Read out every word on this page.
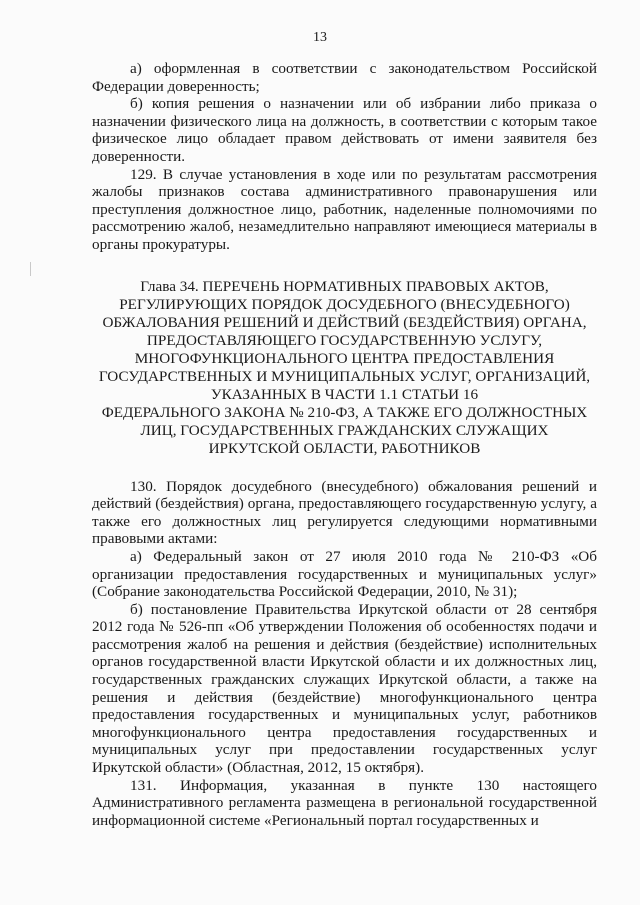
13

а) оформленная в соответствии с законодательством Российской Федерации доверенность;

б) копия решения о назначении или об избрании либо приказа о назначении физического лица на должность, в соответствии с которым такое физическое лицо обладает правом действовать от имени заявителя без доверенности.

129. В случае установления в ходе или по результатам рассмотрения жалобы признаков состава административного правонарушения или преступления должностное лицо, работник, наделенные полномочиями по рассмотрению жалоб, незамедлительно направляют имеющиеся материалы в органы прокуратуры.

Глава 34. ПЕРЕЧЕНЬ НОРМАТИВНЫХ ПРАВОВЫХ АКТОВ,
РЕГУЛИРУЮЩИХ ПОРЯДОК ДОСУДЕБНОГО (ВНЕСУДЕБНОГО)
ОБЖАЛОВАНИЯ РЕШЕНИЙ И ДЕЙСТВИЙ (БЕЗДЕЙСТВИЯ) ОРГАНА,
ПРЕДОСТАВЛЯЮЩЕГО ГОСУДАРСТВЕННУЮ УСЛУГУ,
МНОГОФУНКЦИОНАЛЬНОГО ЦЕНТРА ПРЕДОСТАВЛЕНИЯ
ГОСУДАРСТВЕННЫХ И МУНИЦИПАЛЬНЫХ УСЛУГ, ОРГАНИЗАЦИЙ,
УКАЗАННЫХ В ЧАСТИ 1.1 СТАТЬИ 16
ФЕДЕРАЛЬНОГО ЗАКОНА № 210-ФЗ, А ТАКЖЕ ЕГО ДОЛЖНОСТНЫХ
ЛИЦ, ГОСУДАРСТВЕННЫХ ГРАЖДАНСКИХ СЛУЖАЩИХ
ИРКУТСКОЙ ОБЛАСТИ, РАБОТНИКОВ

130. Порядок досудебного (внесудебного) обжалования решений и действий (бездействия) органа, предоставляющего государственную услугу, а также его должностных лиц регулируется следующими нормативными правовыми актами:

а) Федеральный закон от 27 июля 2010 года № 210-ФЗ «Об организации предоставления государственных и муниципальных услуг» (Собрание законодательства Российской Федерации, 2010, № 31);

б) постановление Правительства Иркутской области от 28 сентября 2012 года № 526-пп «Об утверждении Положения об особенностях подачи и рассмотрения жалоб на решения и действия (бездействие) исполнительных органов государственной власти Иркутской области и их должностных лиц, государственных гражданских служащих Иркутской области, а также на решения и действия (бездействие) многофункционального центра предоставления государственных и муниципальных услуг, работников многофункционального центра предоставления государственных и муниципальных услуг при предоставлении государственных услуг Иркутской области» (Областная, 2012, 15 октября).

131. Информация, указанная в пункте 130 настоящего Административного регламента размещена в региональной государственной информационной системе «Региональный портал государственных и
